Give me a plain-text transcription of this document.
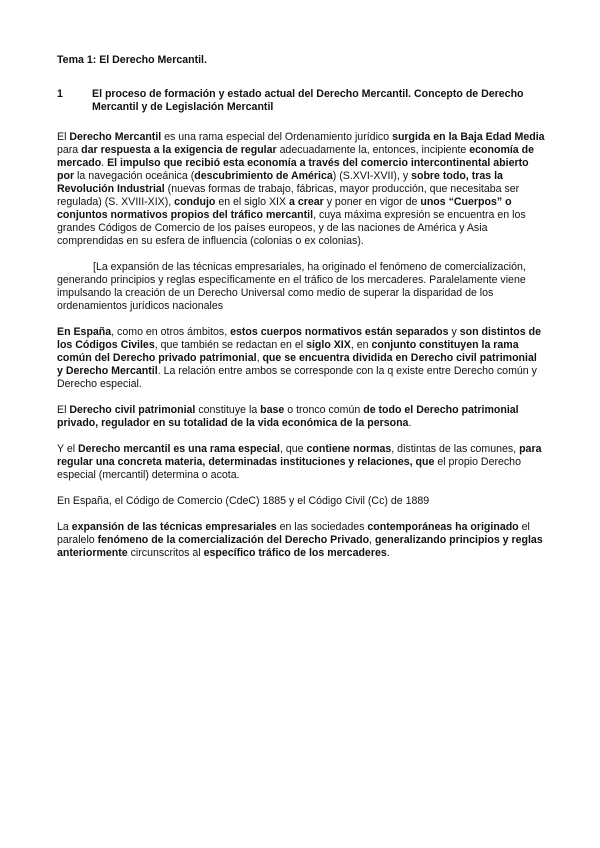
Tema 1: El Derecho Mercantil.
1	El proceso de formación y estado actual del Derecho Mercantil. Concepto de Derecho Mercantil y de Legislación Mercantil

El Derecho Mercantil es una rama especial del Ordenamiento jurídico surgida en la Baja Edad Media para dar respuesta a la exigencia de regular adecuadamente la, entonces, incipiente economía de mercado. El impulso que recibió esta economía a través del comercio intercontinental abierto por la navegación oceánica (descubrimiento de América) (S.XVI-XVII), y sobre todo, tras la Revolución Industrial (nuevas formas de trabajo, fábricas, mayor producción, que necesitaba ser regulada) (S. XVIII-XIX), condujo en el siglo XIX a crear y poner en vigor de unos “Cuerpos” o conjuntos normativos propios del tráfico mercantil, cuya máxima expresión se encuentra en los grandes Códigos de Comercio de los países europeos, y de las naciones de América y Asia comprendidas en su esfera de influencia (colonias o ex colonias).

[La expansión de las técnicas empresariales, ha originado el fenómeno de comercialización, generando principios y reglas específicamente en el tráfico de los mercaderes. Paralelamente viene impulsando la creación de un Derecho Universal como medio de superar la disparidad de los ordenamientos jurídicos nacionales

En España, como en otros ámbitos, estos cuerpos normativos están separados y son distintos de los Códigos Civiles, que también se redactan en el siglo XIX, en conjunto constituyen la rama común del Derecho privado patrimonial, que se encuentra dividida en Derecho civil patrimonial y Derecho Mercantil. La relación entre ambos se corresponde con la q existe entre Derecho común y Derecho especial.

El Derecho civil patrimonial constituye la base o tronco común de todo el Derecho patrimonial privado, regulador en su totalidad de la vida económica de la persona.

Y el Derecho mercantil es una rama especial, que contiene normas, distintas de las comunes, para regular una concreta materia, determinadas instituciones y relaciones, que el propio Derecho especial (mercantil) determina o acota.

En España, el Código de Comercio (CdeC) 1885 y el Código Civil (Cc) de 1889

La expansión de las técnicas empresariales en las sociedades contemporáneas ha originado el paralelo fenómeno de la comercialización del Derecho Privado, generalizando principios y reglas anteriormente circunscritos al específico tráfico de los mercaderes.
